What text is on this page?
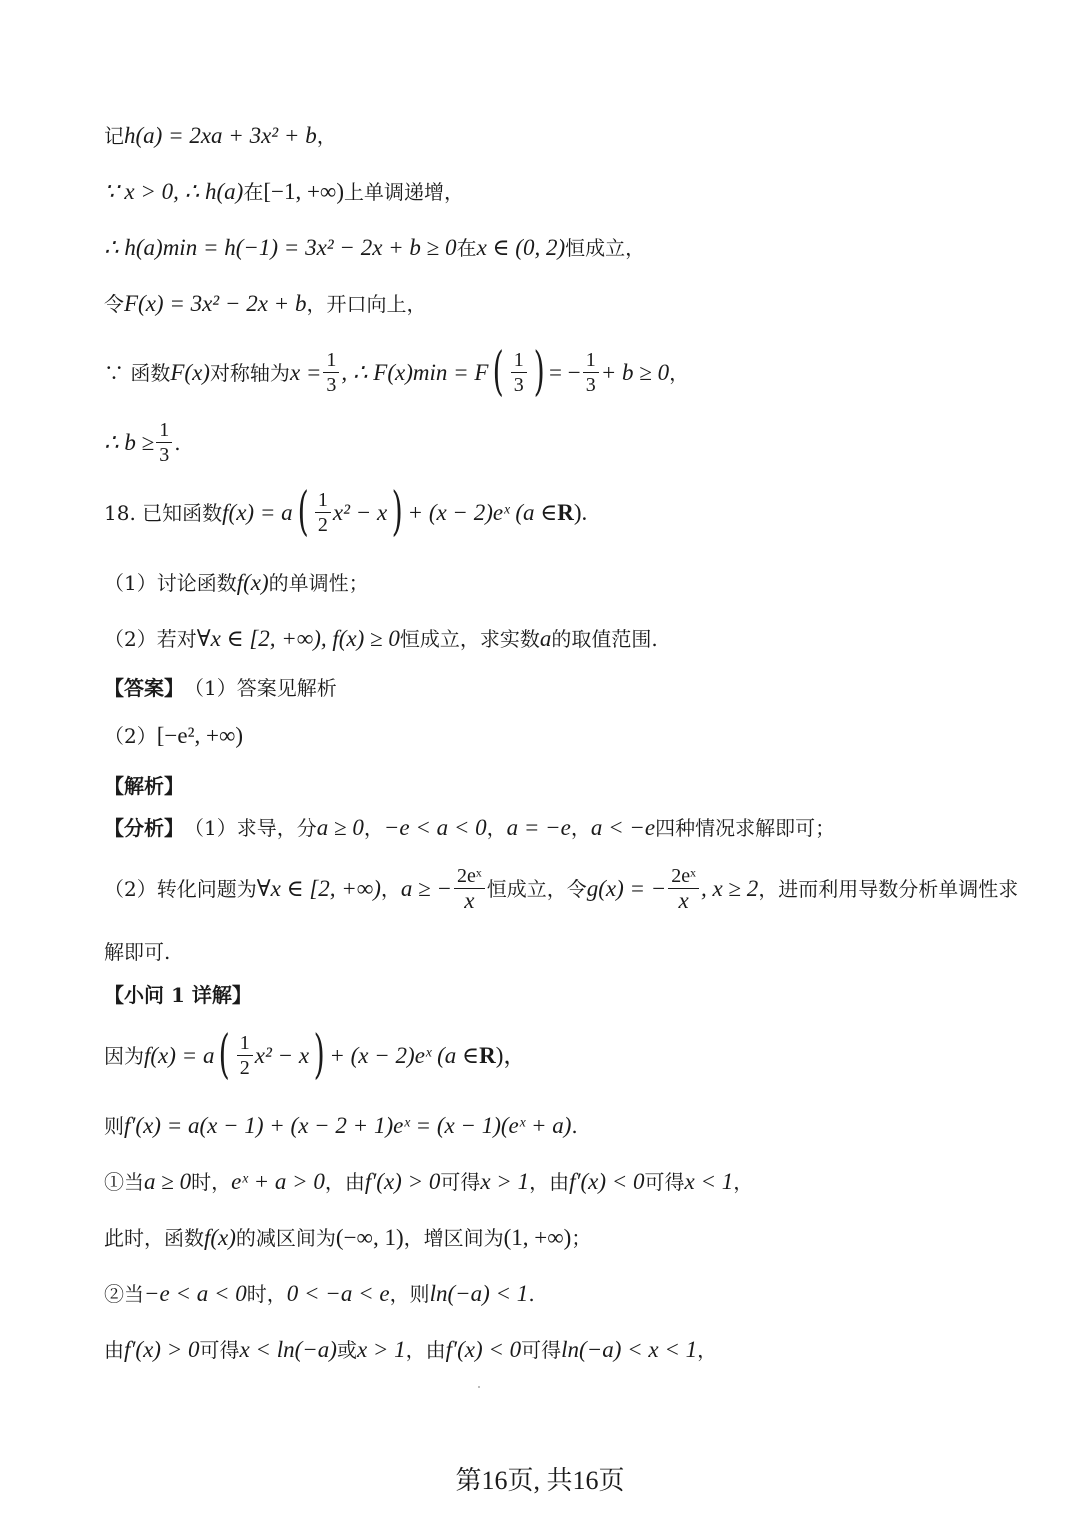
记 h(a) = 2xa + 3x² + b ，
∵ x > 0, ∴ h(a) 在 [−1, +∞) 上单调递增，
∴ h(a)min = h(−1) = 3x² − 2x + b ≥ 0 在 x ∈ (0, 2) 恒成立，
令 F(x) = 3x² − 2x + b ，开口向上，
∵ 函数 F(x) 对称轴为 $x = \frac{1}{3}$ , ∴ F(x)min = F ( $\frac{1}{3}$ ) = − $\frac{1}{3} + b \ge 0$ ，
∴ $b \ge \frac{1}{3}$ .
18. 已知函数 f(x) = a ( $\frac{1}{2} x^2 - x$ ) + (x − 2)eˣ (a ∈ R ).
（1）讨论函数 f(x) 的单调性；
（2）若对 ∀x ∈ [2, +∞), f(x) ≥ 0 恒成立，求实数 a 的取值范围.
【答案】 （1）答案见解析
（2） [−e², +∞)
【解析】
【分析】 （1）求导，分 a ≥ 0 ， −e < a < 0 ， a = −e ， a < −e 四种情况求解即可；
（2）转化问题为 ∀x ∈ [2, +∞) ， a ≥ − $\frac{\text{2eˣ}}{x}$ 恒成立，令 g(x) = − $\frac{\text{2eˣ}}{x}$ , x ≥ 2 ，进而利用导数分析单调性求
解即可.
【小问 1 详解】
因为 f(x) = a ( $\frac{1}{2} x^2 - x$ ) + (x − 2)eˣ (a ∈ R )，
则 f′(x) = a(x − 1) + (x − 2 + 1)eˣ = (x − 1)(eˣ + a) .
①当 a ≥ 0 时， eˣ + a > 0 ，由 f′(x) > 0 可得 x > 1 ，由 f′(x) < 0 可得 x < 1 ，
此时，函数 f(x) 的减区间为 (−∞, 1) ，增区间为 (1, +∞) ；
②当 −e < a < 0 时， 0 < −a < e ，则 ln(−a) < 1 .
由 f′(x) > 0 可得 x < ln(−a) 或 x > 1 ，由 f′(x) < 0 可得 ln(−a) < x < 1 ，
第16页, 共16页
